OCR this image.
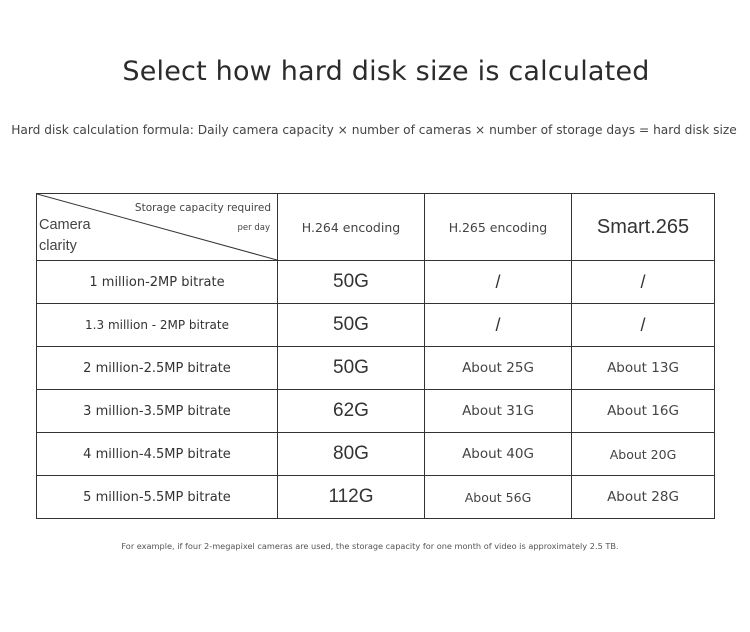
Select how hard disk size is calculated
Hard disk calculation formula: Daily camera capacity × number of cameras × number of storage days = hard disk size
Storage capacity required
per day
Camera
clarity	H.264 encoding	H.265 encoding	Smart.265
1 million-2MP bitrate	50G	/	/
1.3 million - 2MP bitrate	50G	/	/
2 million-2.5MP bitrate	50G	About 25G	About 13G
3 million-3.5MP bitrate	62G	About 31G	About 16G
4 million-4.5MP bitrate	80G	About 40G	About 20G
5 million-5.5MP bitrate	112G	About 56G	About 28G
For example, if four 2-megapixel cameras are used, the storage capacity for one month of video is approximately 2.5 TB.
